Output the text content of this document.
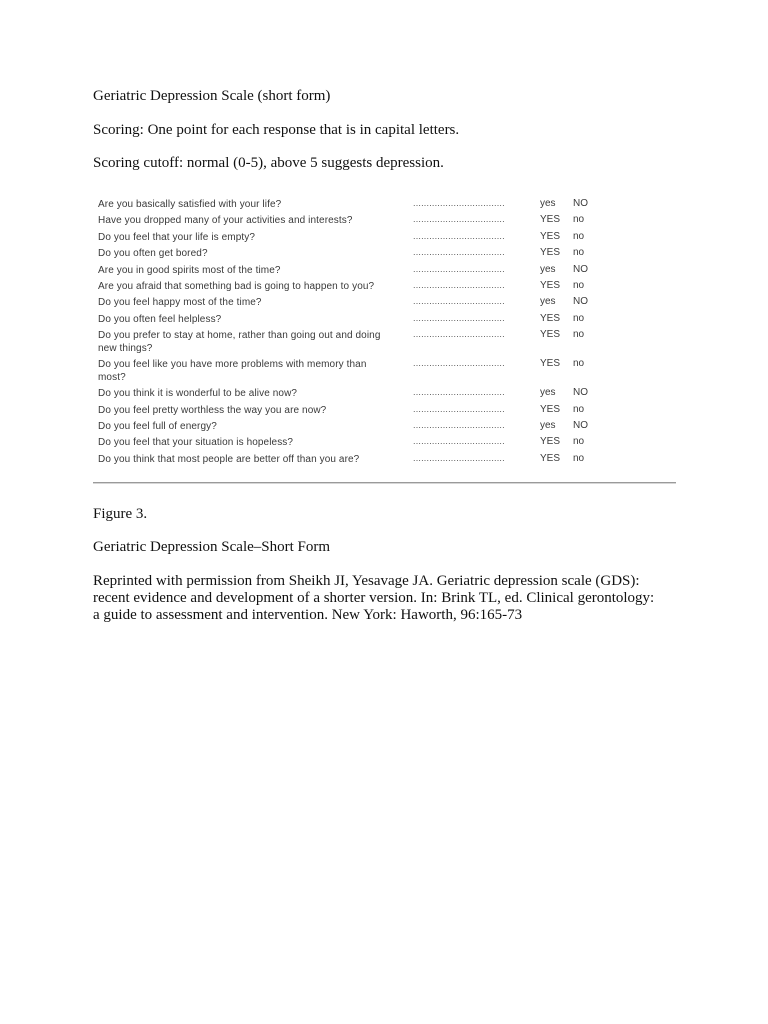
Geriatric Depression Scale (short form)

Scoring: One point for each response that is in capital letters.

Scoring cutoff: normal (0-5), above 5 suggests depression.

Are you basically satisfied with your life?	..................................	yes NO
Have you dropped many of your activities and interests?	..................................	YES no
Do you feel that your life is empty?	..................................	YES no
Do you often get bored?	..................................	YES no
Are you in good spirits most of the time?	..................................	yes NO
Are you afraid that something bad is going to happen to you?	..................................	YES no
Do you feel happy most of the time?	..................................	yes NO
Do you often feel helpless?	..................................	YES no
Do you prefer to stay at home, rather than going out and doing new things?
..................................	YES no
Do you feel like you have more problems with memory than most?
..................................	YES no
Do you think it is wonderful to be alive now?	..................................	yes NO
Do you feel pretty worthless the way you are now?	..................................	YES no
Do you feel full of energy?	..................................	yes NO
Do you feel that your situation is hopeless?	..................................	YES no
Do you think that most people are better off than you are?	..................................	YES no

Figure 3.

Geriatric Depression Scale–Short Form

Reprinted with permission from Sheikh JI, Yesavage JA. Geriatric depression scale (GDS): recent evidence and development of a shorter version. In: Brink TL, ed. Clinical gerontology: a guide to assessment and intervention. New York: Haworth, 96:165-73
